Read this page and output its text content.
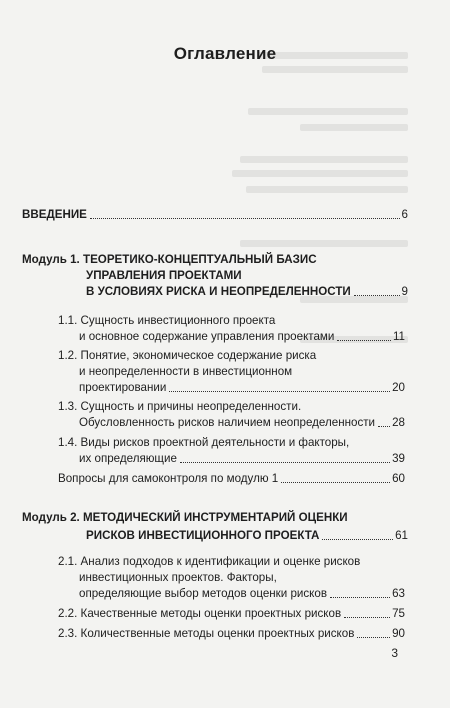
Оглавление
ВВЕДЕНИЕ	6
Модуль 1. ТЕОРЕТИКО-КОНЦЕПТУАЛЬНЫЙ БАЗИС
УПРАВЛЕНИЯ ПРОЕКТАМИ
В УСЛОВИЯХ РИСКА И НЕОПРЕДЕЛЕННОСТИ	9
1.1. Сущность инвестиционного проекта
и основное содержание управления проектами	11
1.2. Понятие, экономическое содержание риска
и неопределенности в инвестиционном
проектировании	20
1.3. Сущность и причины неопределенности.
Обусловленность рисков наличием неопределенности 28
1.4. Виды рисков проектной деятельности и факторы,
их определяющие	39
Вопросы для самоконтроля по модулю 1	60
Модуль 2. МЕТОДИЧЕСКИЙ ИНСТРУМЕНТАРИЙ ОЦЕНКИ
РИСКОВ ИНВЕСТИЦИОННОГО ПРОЕКТА	61
2.1. Анализ подходов к идентификации и оценке рисков
инвестиционных проектов. Факторы,
определяющие выбор методов оценки рисков	63
2.2. Качественные методы оценки проектных рисков	75
2.3. Количественные методы оценки проектных рисков	90
3
